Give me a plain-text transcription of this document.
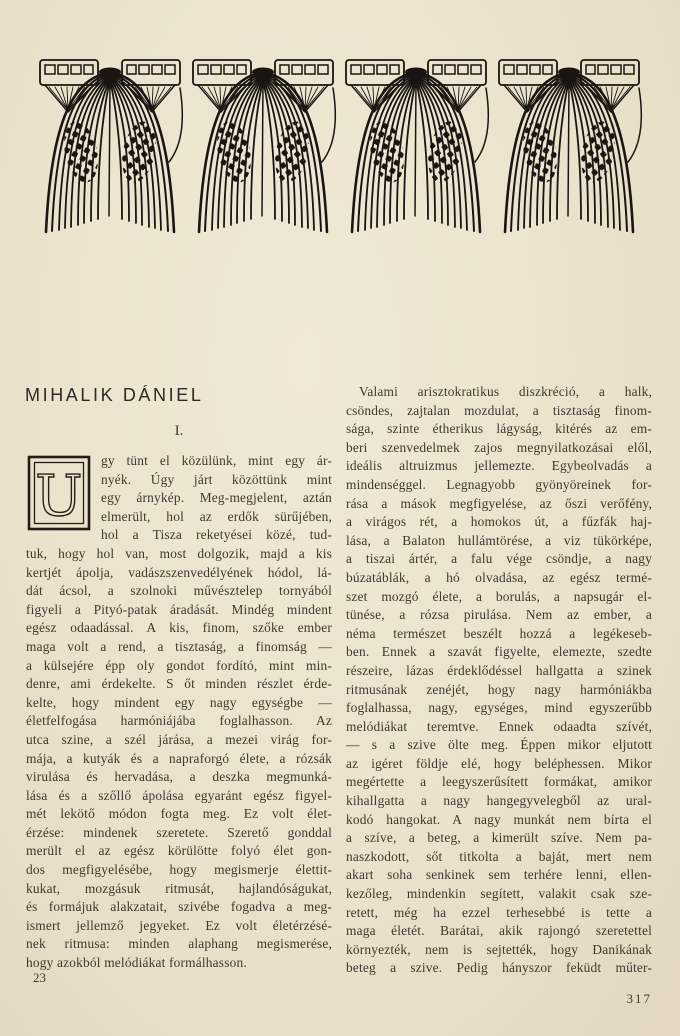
MIHALIK DÁNIEL
I.
U
gy tünt el közülünk, mint egy ár-
nyék. Úgy járt közöttünk mint
egy árnykép. Meg-megjelent, aztán
elmerült, hol az erdők sürűjében,
hol a Tisza reketyései közé, tud-
tuk, hogy hol van, most dolgozik, majd a kis
kertjét ápolja, vadászszenvedélyének hódol, lá-
dát ácsol, a szolnoki művésztelep tornyából
figyeli a Pityó-patak áradását. Mindég mindent
egész odaadással. A kis, finom, szőke ember
maga volt a rend, a tisztaság, a finomság —
a külsejére épp oly gondot fordító, mint min-
denre, ami érdekelte. S őt minden részlet érde-
kelte, hogy mindent egy nagy egységbe —
életfelfogása harmóniájába foglalhasson. Az
utca szine, a szél járása, a mezei virág for-
mája, a kutyák és a napraforgó élete, a rózsák
virulása és hervadása, a deszka megmunká-
lása és a szőllő ápolása egyaránt egész figyel-
mét lekötő módon fogta meg. Ez volt élet-
érzése: mindenek szeretete. Szerető gonddal
merült el az egész körülötte folyó élet gon-
dos megfigyelésébe, hogy megismerje élettit-
kukat, mozgásuk ritmusát, hajlandóságukat,
és formájuk alakzatait, szivébe fogadva a meg-
ismert jellemző jegyeket. Ez volt életérzésé-
nek ritmusa: minden alaphang megismerése,
hogy azokból melódiákat formálhasson.
Valami arisztokratikus diszkréció, a halk,
csöndes, zajtalan mozdulat, a tisztaság finom-
sága, szinte étherikus lágyság, kitérés az em-
beri szenvedelmek zajos megnyilatkozásai elől,
ideális altruizmus jellemezte. Egybeolvadás a
mindenséggel. Legnagyobb gyönyöreinek for-
rása a mások megfigyelése, az őszi verőfény,
a virágos rét, a homokos út, a fűzfák haj-
lása, a Balaton hullámtörése, a viz tükörképe,
a tiszai ártér, a falu vége csöndje, a nagy
búzatáblák, a hó olvadása, az egész termé-
szet mozgó élete, a borulás, a napsugár el-
tünése, a rózsa pirulása. Nem az ember, a
néma természet beszélt hozzá a legékeseb-
ben. Ennek a szavát figyelte, elemezte, szedte
részeire, lázas érdeklődéssel hallgatta a szinek
ritmusának zenéjét, hogy nagy harmóniákba
foglalhassa, nagy, egységes, mind egyszerűbb
melódiákat teremtve. Ennek odaadta szívét,
— s a szive ölte meg. Éppen mikor eljutott
az igéret földje elé, hogy beléphessen. Mikor
megértette a leegyszerűsített formákat, amikor
kihallgatta a nagy hangegyvelegből az ural-
kodó hangokat. A nagy munkát nem bírta el
a szíve, a beteg, a kimerült szíve. Nem pa-
naszkodott, sőt titkolta a baját, mert nem
akart soha senkinek sem terhére lenni, ellen-
kezőleg, mindenkin segített, valakit csak sze-
retett, még ha ezzel terhesebbé is tette a
maga életét. Barátai, akik rajongó szeretettel
környezték, nem is sejtették, hogy Danikának
beteg a szive. Pedig hányszor feküdt műter-
23
317
